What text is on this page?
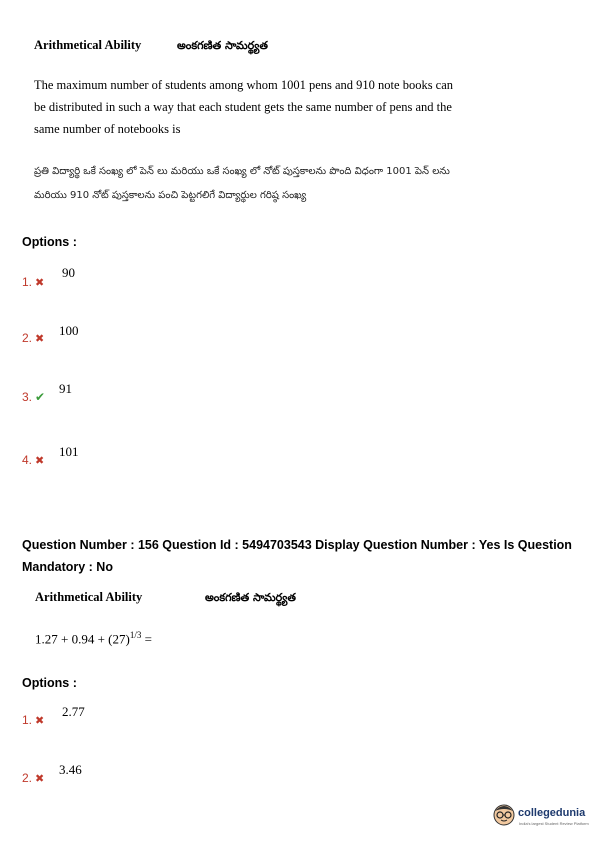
Arithmetical Ability	అంకగణిత సామర్థ్యత
The maximum number of students among whom 1001 pens and 910 note books can be distributed in such a way that each student gets the same number of pens and the same number of notebooks is
ప్రతి విద్యార్థి ఒకే సంఖ్య లో పెన్ లు మరియు ఒకే సంఖ్య లో నోట్ పుస్తకాలను పొంది విధంగా 1001 పెన్ లను మరియు 910 నోట్ పుస్తకాలను పంచి పెట్టగలిగే విద్యార్థుల గరిష్ఠ సంఖ్య
Options :
1. ✖
90
2. ✖
100
3. ✔
91
4. ✖
101
Question Number : 156 Question Id : 5494703543 Display Question Number : Yes Is Question Mandatory : No
Arithmetical Ability	అంకగణిత సామర్థ్యత
$1.27 + 0.94 + (27)^{1/3}$ =
Options :
1. ✖
2.77
2. ✖
3.46
collegedunia
India's largest Student Review Platform
